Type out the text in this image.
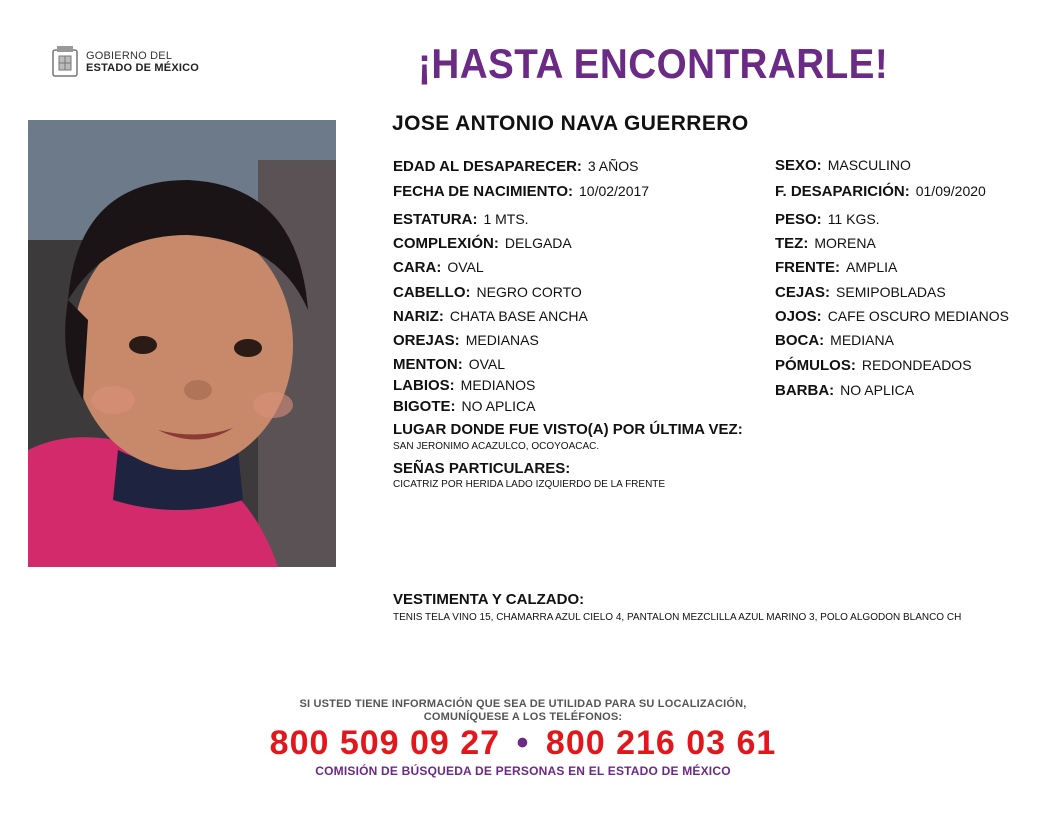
GOBIERNO DEL
ESTADO DE MÉXICO	¡HASTA ENCONTRARLE!
JOSE ANTONIO NAVA GUERRERO
EDAD AL DESAPARECER: 3 AÑOS
FECHA DE NACIMIENTO: 10/02/2017
ESTATURA: 1 MTS.
COMPLEXIÓN: DELGADA
CARA: OVAL
CABELLO: NEGRO CORTO
NARIZ: CHATA BASE ANCHA
OREJAS: MEDIANAS
MENTON: OVAL
LABIOS: MEDIANOS
BIGOTE: NO APLICA
SEXO: MASCULINO
F. DESAPARICIÓN: 01/09/2020
PESO: 11 KGS.
TEZ: MORENA
FRENTE: AMPLIA
CEJAS: SEMIPOBLADAS
OJOS: CAFE OSCURO MEDIANOS
BOCA: MEDIANA
PÓMULOS: REDONDEADOS
BARBA: NO APLICA
LUGAR DONDE FUE VISTO(A) POR ÚLTIMA VEZ:
SAN JERONIMO ACAZULCO, OCOYOACAC.
SEÑAS PARTICULARES:
CICATRIZ POR HERIDA LADO IZQUIERDO DE LA FRENTE
VESTIMENTA Y CALZADO:
TENIS TELA VINO 15, CHAMARRA AZUL CIELO 4, PANTALON MEZCLILLA AZUL MARINO 3, POLO ALGODON BLANCO CH
SI USTED TIENE INFORMACIÓN QUE SEA DE UTILIDAD PARA SU LOCALIZACIÓN,
COMUNÍQUESE A LOS TELÉFONOS:
800 509 09 27 • 800 216 03 61
COMISIÓN DE BÚSQUEDA DE PERSONAS EN EL ESTADO DE MÉXICO
